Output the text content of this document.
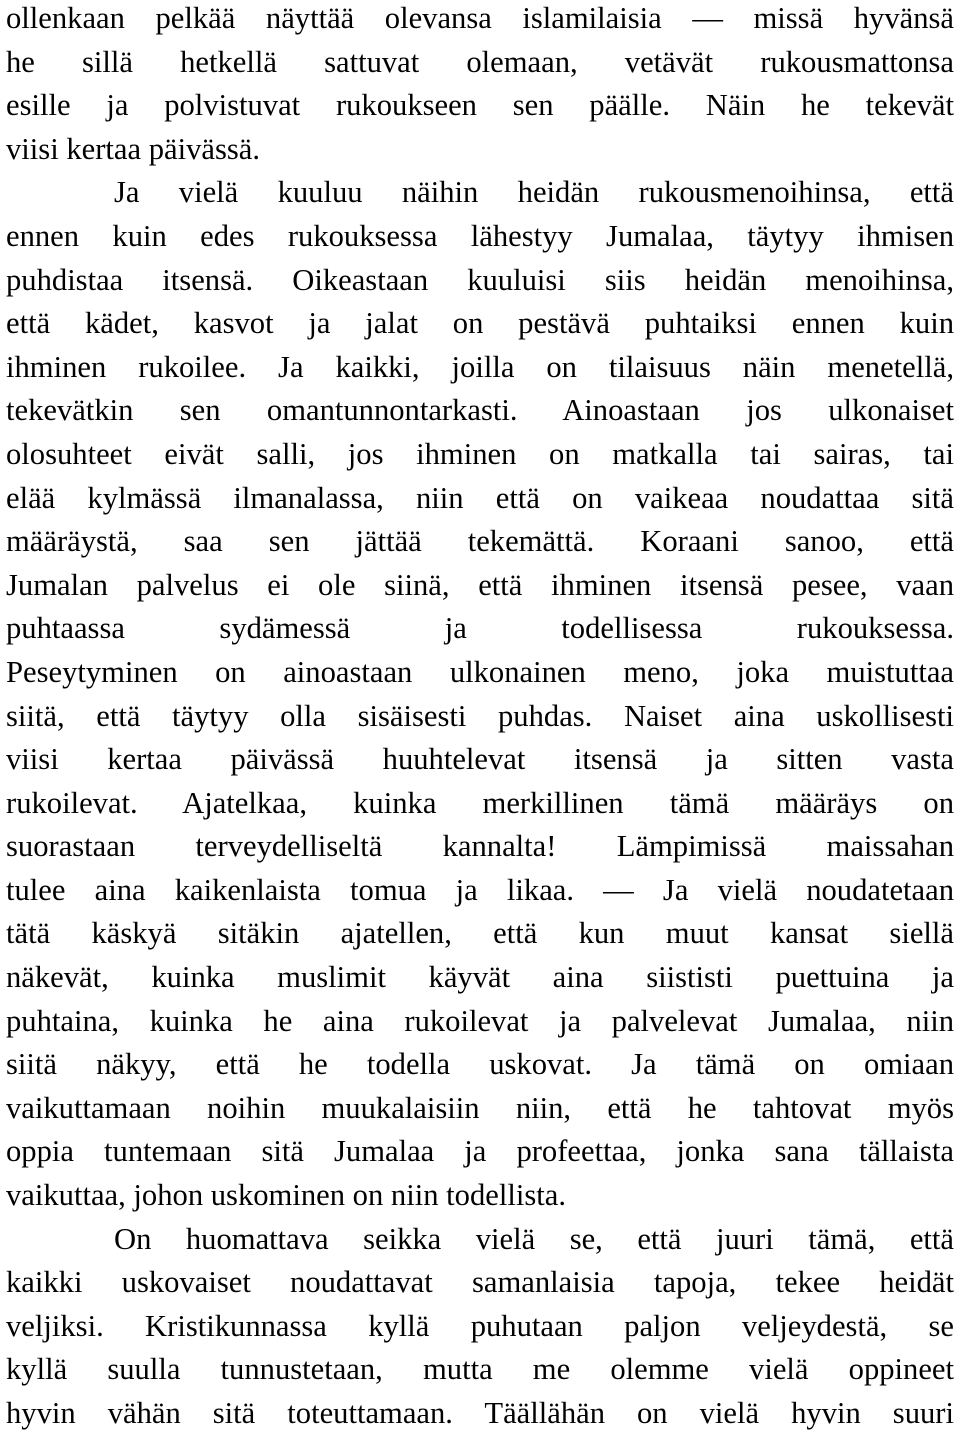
ollenkaan pelkää näyttää olevansa islamilaisia — missä hyvänsä
he sillä hetkellä sattuvat olemaan, vetävät rukousmattonsa
esille ja polvistuvat rukoukseen sen päälle. Näin he tekevät
viisi kertaa päivässä.
Ja vielä kuuluu näihin heidän rukousmenoihinsa, että
ennen kuin edes rukouksessa lähestyy Jumalaa, täytyy ihmisen
puhdistaa itsensä. Oikeastaan kuuluisi siis heidän menoihinsa,
että kädet, kasvot ja jalat on pestävä puhtaiksi ennen kuin
ihminen rukoilee. Ja kaikki, joilla on tilaisuus näin menetellä,
tekevätkin sen omantunnontarkasti. Ainoastaan jos ulkonaiset
olosuhteet eivät salli, jos ihminen on matkalla tai sairas, tai
elää kylmässä ilmanalassa, niin että on vaikeaa noudattaa sitä
määräystä, saa sen jättää tekemättä. Koraani sanoo, että
Jumalan palvelus ei ole siinä, että ihminen itsensä pesee, vaan
puhtaassa sydämessä ja todellisessa rukouksessa.
Peseytyminen on ainoastaan ulkonainen meno, joka muistuttaa
siitä, että täytyy olla sisäisesti puhdas. Naiset aina uskollisesti
viisi kertaa päivässä huuhtelevat itsensä ja sitten vasta
rukoilevat. Ajatelkaa, kuinka merkillinen tämä määräys on
suorastaan terveydelliseltä kannalta! Lämpimissä maissahan
tulee aina kaikenlaista tomua ja likaa. — Ja vielä noudatetaan
tätä käskyä sitäkin ajatellen, että kun muut kansat siellä
näkevät, kuinka muslimit käyvät aina siististi puettuina ja
puhtaina, kuinka he aina rukoilevat ja palvelevat Jumalaa, niin
siitä näkyy, että he todella uskovat. Ja tämä on omiaan
vaikuttamaan noihin muukalaisiin niin, että he tahtovat myös
oppia tuntemaan sitä Jumalaa ja profeettaa, jonka sana tällaista
vaikuttaa, johon uskominen on niin todellista.
On huomattava seikka vielä se, että juuri tämä, että
kaikki uskovaiset noudattavat samanlaisia tapoja, tekee heidät
veljiksi. Kristikunnassa kyllä puhutaan paljon veljeydestä, se
kyllä suulla tunnustetaan, mutta me olemme vielä oppineet
hyvin vähän sitä toteuttamaan. Täällähän on vielä hyvin suuri
